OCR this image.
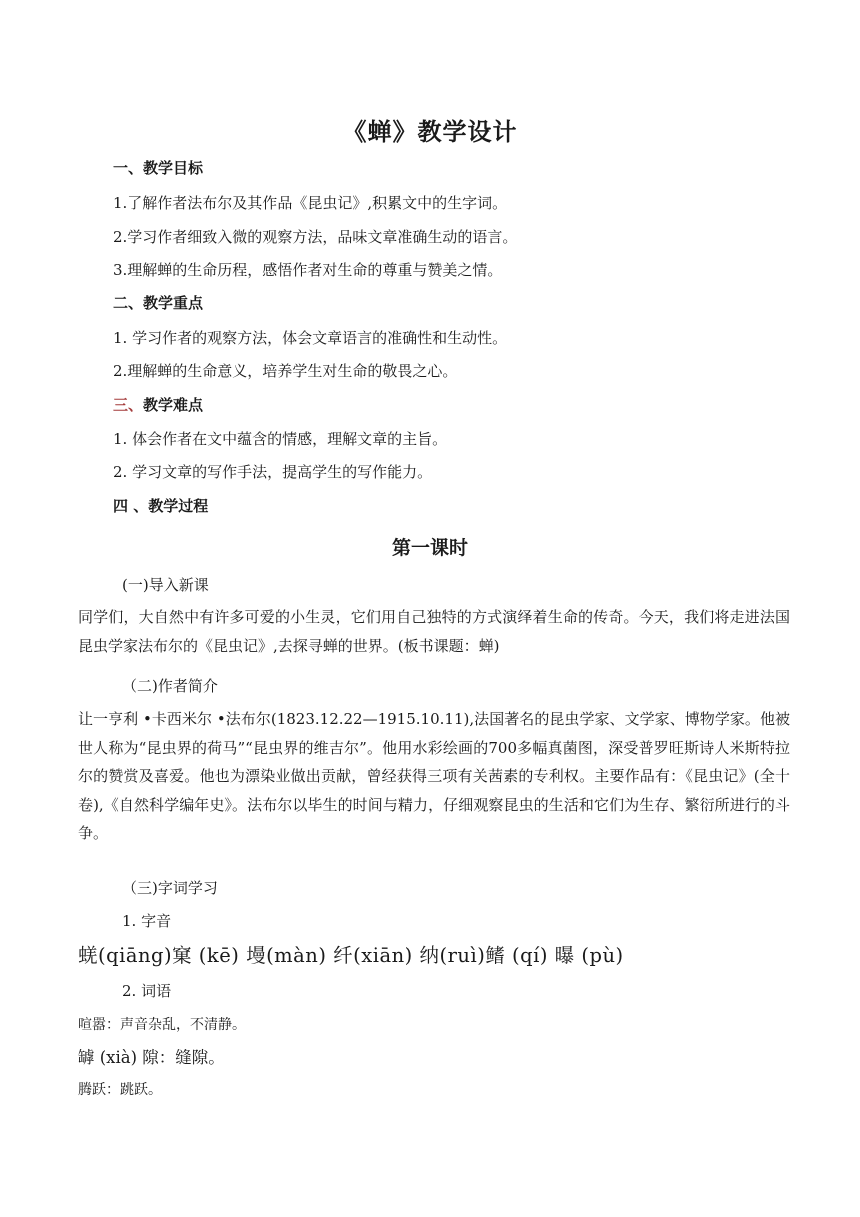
《蝉》教学设计
一、教学目标
1.了解作者法布尔及其作品《昆虫记》,积累文中的生字词。
2.学习作者细致入微的观察方法，品味文章准确生动的语言。
3.理解蝉的生命历程，感悟作者对生命的尊重与赞美之情。
二、教学重点
1. 学习作者的观察方法，体会文章语言的准确性和生动性。
2.理解蝉的生命意义，培养学生对生命的敬畏之心。
三、教学难点
1. 体会作者在文中蕴含的情感，理解文章的主旨。
2. 学习文章的写作手法，提高学生的写作能力。
四 、教学过程
第一课时
(一)导入新课
同学们，大自然中有许多可爱的小生灵，它们用自己独特的方式演绎着生命的传奇。今天，我们将走进法国昆虫学家法布尔的《昆虫记》,去探寻蝉的世界。(板书课题：蝉)
（二)作者简介
让一亨利 •卡西米尔 •法布尔(1823.12.22—1915.10.11),法国著名的昆虫学家、文学家、博物学家。他被世人称为“昆虫界的荷马”“昆虫界的维吉尔”。他用水彩绘画的700多幅真菌图，深受普罗旺斯诗人米斯特拉尔的赞赏及喜爱。他也为漂染业做出贡献，曾经获得三项有关茜素的专利权。主要作品有：《昆虫记》(全十卷),《自然科学编年史》。法布尔以毕生的时间与精力，仔细观察昆虫的生活和它们为生存、繁衍所进行的斗争。
（三)字词学习
1. 字音
蜣(qiāng)窠 (kē) 墁(màn) 纤(xiān) 纳(ruì)鳍 (qí) 曝 (pù)
2. 词语
喧嚣：声音杂乱，不清静。
罅 (xià) 隙：缝隙。
腾跃：跳跃。
